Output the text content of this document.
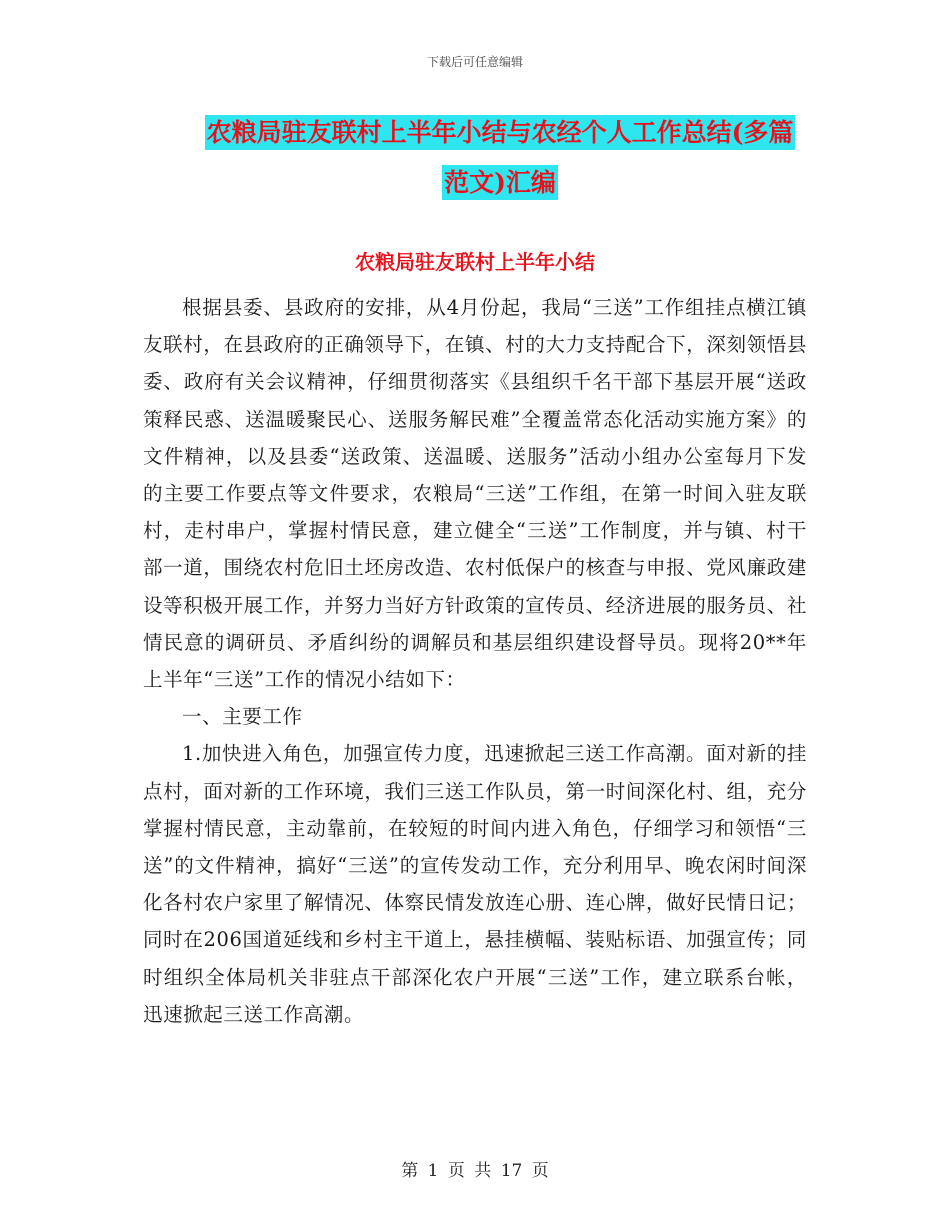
下载后可任意编辑
农粮局驻友联村上半年小结与农经个人工作总结(多篇
范文)汇编
农粮局驻友联村上半年小结

根据县委、县政府的安排，从4月份起，我局“三送”工作组挂点横江镇友联村，在县政府的正确领导下，在镇、村的大力支持配合下，深刻领悟县委、政府有关会议精神，仔细贯彻落实《县组织千名干部下基层开展“送政策释民惑、送温暖聚民心、送服务解民难”全覆盖常态化活动实施方案》的文件精神，以及县委“送政策、送温暖、送服务”活动小组办公室每月下发的主要工作要点等文件要求，农粮局“三送”工作组，在第一时间入驻友联村，走村串户，掌握村情民意，建立健全“三送”工作制度，并与镇、村干部一道，围绕农村危旧土坯房改造、农村低保户的核查与申报、党风廉政建设等积极开展工作，并努力当好方针政策的宣传员、经济进展的服务员、社情民意的调研员、矛盾纠纷的调解员和基层组织建设督导员。现将20**年上半年“三送”工作的情况小结如下：

一、主要工作

1.加快进入角色，加强宣传力度，迅速掀起三送工作高潮。面对新的挂点村，面对新的工作环境，我们三送工作队员，第一时间深化村、组，充分掌握村情民意，主动靠前，在较短的时间内进入角色，仔细学习和领悟“三送”的文件精神，搞好“三送”的宣传发动工作，充分利用早、晚农闲时间深化各村农户家里了解情况、体察民情发放连心册、连心牌，做好民情日记；同时在206国道延线和乡村主干道上，悬挂横幅、装贴标语、加强宣传；同时组织全体局机关非驻点干部深化农户开展“三送”工作，建立联系台帐，迅速掀起三送工作高潮。

第 1 页 共 17 页
